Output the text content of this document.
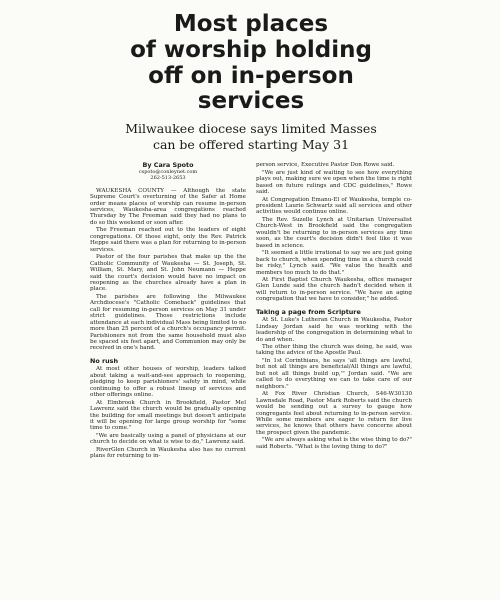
Most places
of worship holding
off on in-person
services
Milwaukee diocese says limited Masses
can be offered starting May 31
By Cara Spoto
cspoto@conleynet.com
262-513-2653

WAUKESHA COUNTY — Although the state Supreme Court's overturning of the Safer at Home order means places of worship can resume in-person services, Waukesha-area congregations reached Thursday by The Freeman said they had no plans to do so this weekend or soon after.

The Freeman reached out to the leaders of eight congregations. Of those eight, only the Rev. Patrick Heppe said there was a plan for returning to in-person services.

Pastor of the four parishes that make up the the Catholic Community of Waukesha — St. Joseph, St. William, St. Mary, and St. John Neumann — Heppe said the court's decision would have no impact on reopening as the churches already have a plan in place.

The parishes are following the Milwaukee Archdiocese's "Catholic Comeback" guidelines that call for resuming in-person services on May 31 under strict guidelines. Those restrictions include attendance at each individual Mass being limited to no more than 25 percent of a church's occupancy permit. Parishioners not from the same household must also be spaced six feet apart, and Communion may only be received in one's hand.

No rush

At most other houses of worship, leaders talked about taking a wait-and-see approach to reopening, pledging to keep parishioners' safety in mind, while continuing to offer a robust lineup of services and other offerings online.

At Elmbrook Church in Brookfield, Pastor Mel Lawrenz said the church would be gradually opening the building for small meetings but doesn't anticipate it will be opening for large group worship for "some time to come."

"We are basically using a panel of physicians at our church to decide on what is wise to do," Lawrenz said.

RiverGlen Church in Waukesha also has no current plans for returning to in-

person service, Executive Pastor Don Rowe said.

"We are just kind of waiting to see how everything plays out, making sure we open when the time is right based on future rulings and CDC guidelines," Rowe said.

At Congregation Emanu-El of Waukesha, temple co-president Laurie Schwartz said all services and other activities would continue online.

The Rev. Suzelle Lynch at Unitarian Universalist Church-West in Brookfield said the congregation wouldn't be returning to in-person services any time soon, as the court's decision didn't feel like it was based in science.

"It seemed a little irrational to say we are just going back to church, when spending time in a church could be risky," Lynch said. "We value the health and members too much to do that."

At First Baptist Church Waukesha, office manager Glen Lunde said the church hadn't decided when it will return to in-person service. "We have an aging congregation that we have to consider," he added.

Taking a page from Scripture

At St. Luke's Lutheran Church in Waukesha, Pastor Lindsay Jordan said he was working with the leadership of the congregation in determining what to do and when.

The other thing the church was doing, he said, was taking the advice of the Apostle Paul.

"In 1st Corinthians, he says 'all things are lawful, but not all things are beneficial/All things are lawful, but not all things build up,'" Jordan said. "We are called to do everything we can to take care of our neighbors."

At Fox River Christian Church, S46-W30130 Lawnsdale Road, Pastor Mark Roberts said the church would be sending out a survey to gauge how congregants feel about returning to in-person service. While some members are eager to return for live services, he knows that others have concerns about the prospect given the pandemic.

"We are always asking what is the wise thing to do?" said Roberts. "What is the loving thing to do?"
